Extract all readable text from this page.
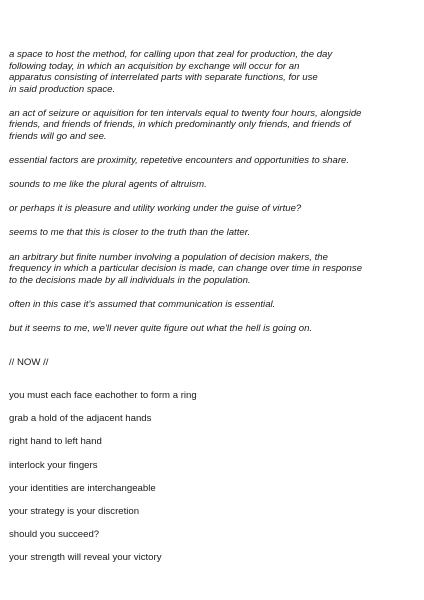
a space to host the method, for calling upon that zeal for production, the day
following today, in which an acquisition by exchange will occur for an
apparatus consisting of interrelated parts with separate functions, for use
in said production space.

an act of seizure or aquisition for ten intervals equal to twenty four hours, alongside
friends, and friends of friends, in which predominantly only friends, and friends of
friends will go and see.

essential factors are proximity, repetetive encounters and opportunities to share.

sounds to me like the plural agents of altruism.

or perhaps it is pleasure and utility working under the guise of virtue?

seems to me that this is closer to the truth than the latter.

an arbitrary but finite number involving a population of decision makers, the
frequency in which a particular decision is made, can change over time in response
to the decisions made by all individuals in the population.

often in this case it's assumed that communication is essential.

but it seems to me, we'll never quite figure out what the hell is going on.

// NOW //

you must each face eachother to form a ring

grab a hold of the adjacent hands

right hand to left hand

interlock your fingers

your identities are interchangeable

your strategy is your discretion

should you succeed?

your strength will reveal your victory
